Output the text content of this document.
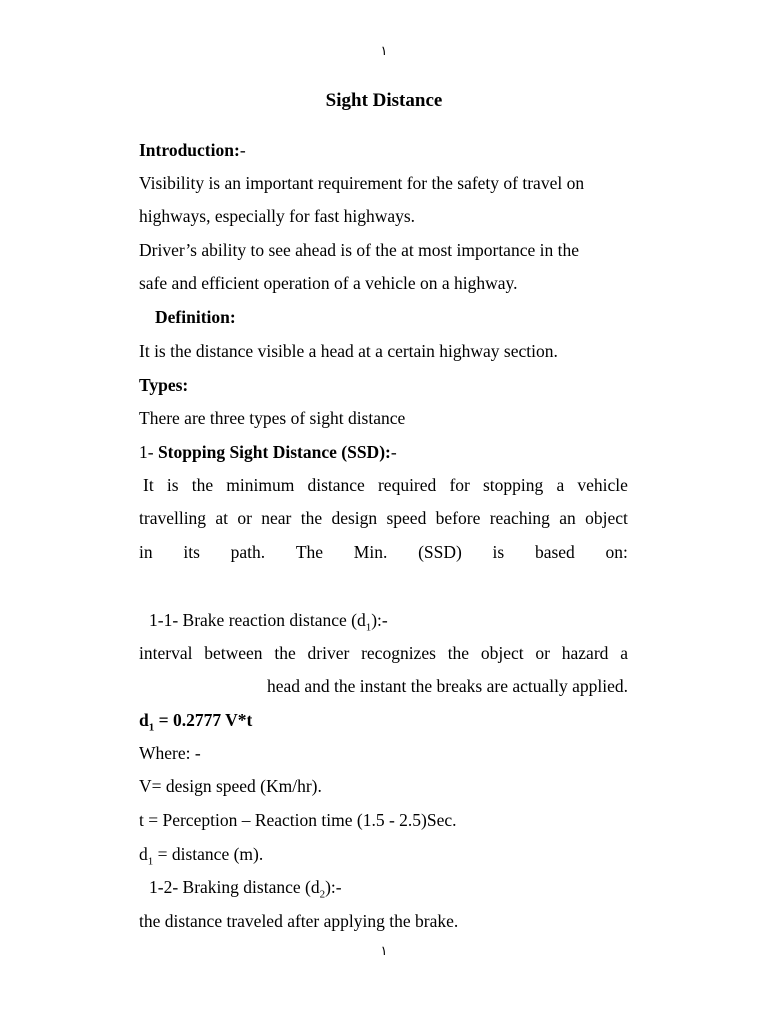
١
Sight Distance
Introduction:-
Visibility is an important requirement for the safety of travel on
highways, especially for fast highways.
Driver’s ability to see ahead is of the at most importance in the
safe and efficient operation of a vehicle on a highway.
Definition:
It is the distance visible a head at a certain highway section.
Types:
There are three types of sight distance
1- Stopping Sight Distance (SSD):-
It is the minimum distance required for stopping a vehicle
travelling at or near the design speed before reaching an object
in its path. The Min. (SSD) is based on:
1-1- Brake reaction distance $(d_1):-$
interval between the driver recognizes the object or hazard a
head and the instant the breaks are actually applied.
$d_1 = 0.2777$ V*t
Where: -
V= design speed (Km/hr).
t = Perception – Reaction time (1.5 - 2.5)Sec.
$d_1$ = distance (m).
1-2- Braking distance $(d_2):-$
the distance traveled after applying the brake.
١
